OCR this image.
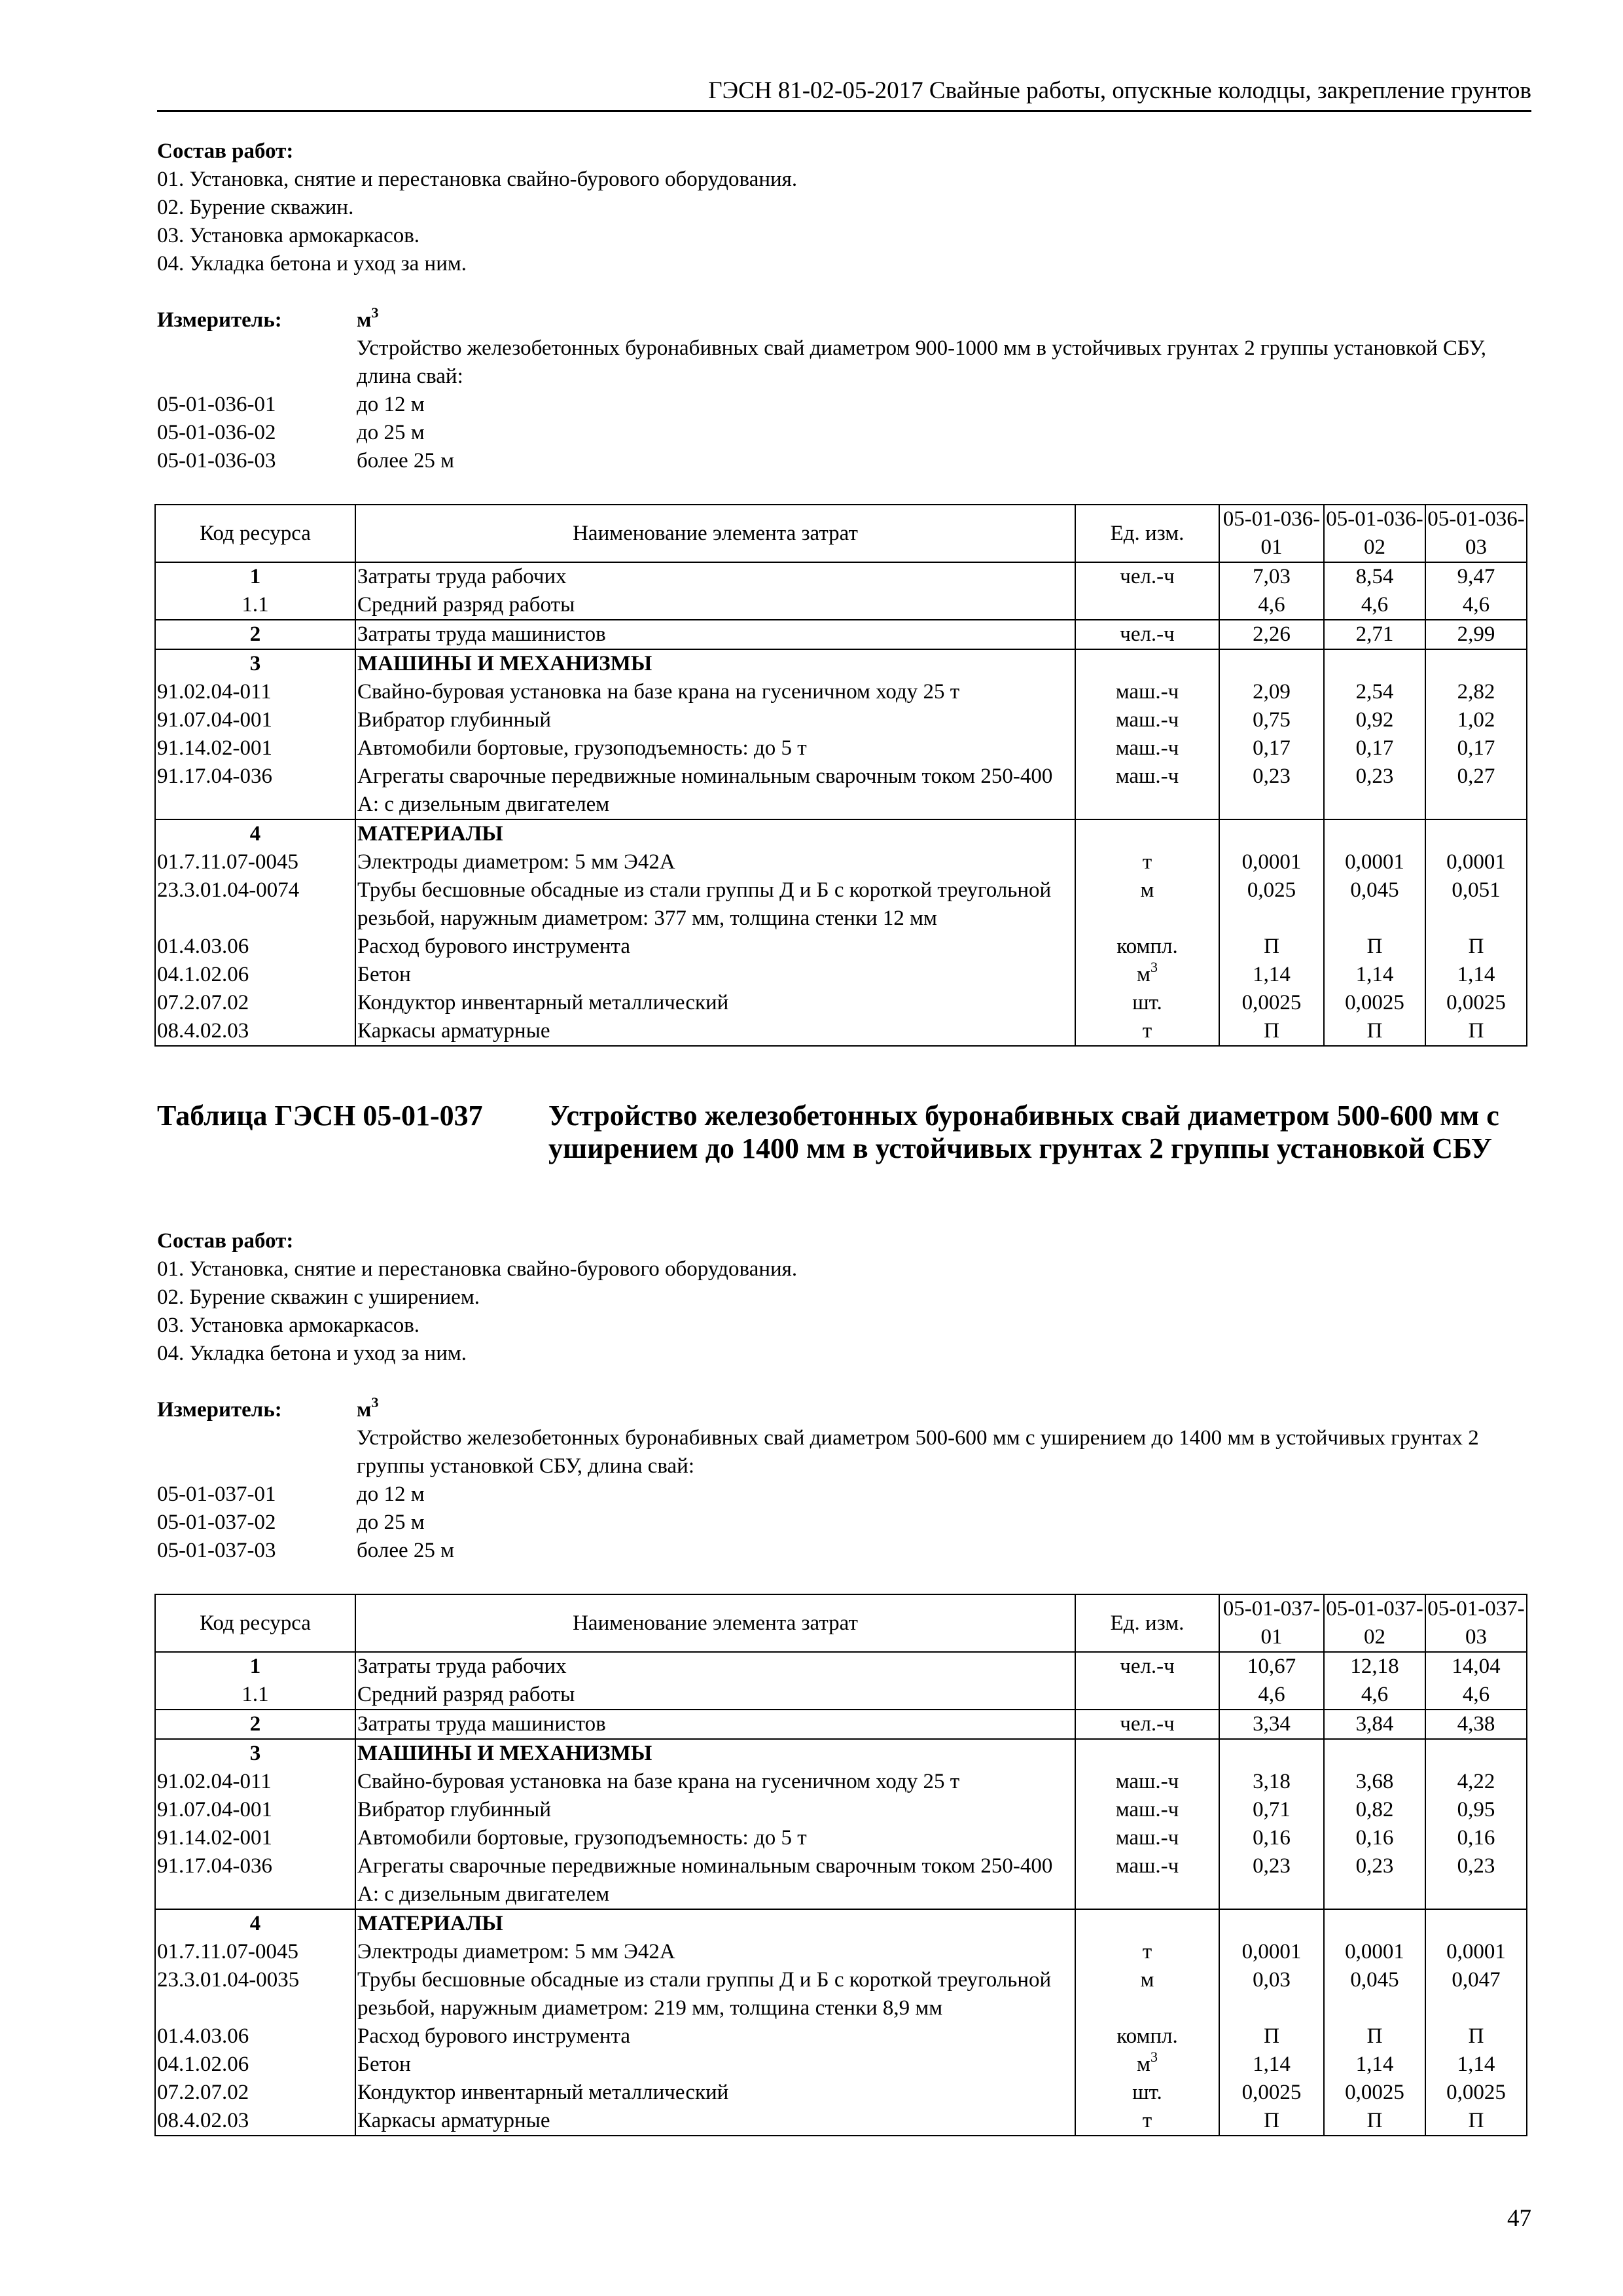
ГЭСН 81-02-05-2017 Свайные работы, опускные колодцы, закрепление грунтов
Состав работ:
01. Установка, снятие и перестановка свайно-бурового оборудования.
02. Бурение скважин.
03. Установка армокаркасов.
04. Укладка бетона и уход за ним.
Измеритель:	$м^3$
Устройство железобетонных буронабивных свай диаметром 900-1000 мм в устойчивых грунтах 2 группы установкой СБУ, длина свай:
05-01-036-01	до 12 м
05-01-036-02	до 25 м
05-01-036-03	более 25 м
Код ресурса	Наименование элемента затрат	Ед. изм.	05-01-036-01	05-01-036-02	05-01-036-03
1	Затраты труда рабочих	чел.-ч	7,03	8,54	9,47
1.1	Средний разряд работы		4,6	4,6	4,6
2	Затраты труда машинистов	чел.-ч	2,26	2,71	2,99
3	МАШИНЫ И МЕХАНИЗМЫ				
91.02.04-011	Свайно-буровая установка на базе крана на гусеничном ходу 25 т	маш.-ч	2,09	2,54	2,82
91.07.04-001	Вибратор глубинный	маш.-ч	0,75	0,92	1,02
91.14.02-001	Автомобили бортовые, грузоподъемность: до 5 т	маш.-ч	0,17	0,17	0,17
91.17.04-036	Агрегаты сварочные передвижные номинальным сварочным током 250-400 А: с дизельным двигателем	маш.-ч	0,23	0,23	0,27
4	МАТЕРИАЛЫ				
01.7.11.07-0045	Электроды диаметром: 5 мм Э42А	т	0,0001	0,0001	0,0001
23.3.01.04-0074	Трубы бесшовные обсадные из стали группы Д и Б с короткой треугольной резьбой, наружным диаметром: 377 мм, толщина стенки 12 мм	м	0,025	0,045	0,051
01.4.03.06	Расход бурового инструмента	компл.	П	П	П
04.1.02.06	Бетон	$м^3$	1,14	1,14	1,14
07.2.07.02	Кондуктор инвентарный металлический	шт.	0,0025	0,0025	0,0025
08.4.02.03	Каркасы арматурные	т	П	П	П
Таблица ГЭСН 05-01-037 Устройство железобетонных буронабивных свай диаметром 500-600 мм с уширением до 1400 мм в устойчивых грунтах 2 группы установкой СБУ
Состав работ:
01. Установка, снятие и перестановка свайно-бурового оборудования.
02. Бурение скважин с уширением.
03. Установка армокаркасов.
04. Укладка бетона и уход за ним.
Измеритель:	$м^3$
Устройство железобетонных буронабивных свай диаметром 500-600 мм с уширением до 1400 мм в устойчивых грунтах 2 группы установкой СБУ, длина свай:
05-01-037-01	до 12 м
05-01-037-02	до 25 м
05-01-037-03	более 25 м
Код ресурса	Наименование элемента затрат	Ед. изм.	05-01-037-01	05-01-037-02	05-01-037-03
1	Затраты труда рабочих	чел.-ч	10,67	12,18	14,04
1.1	Средний разряд работы		4,6	4,6	4,6
2	Затраты труда машинистов	чел.-ч	3,34	3,84	4,38
3	МАШИНЫ И МЕХАНИЗМЫ				
91.02.04-011	Свайно-буровая установка на базе крана на гусеничном ходу 25 т	маш.-ч	3,18	3,68	4,22
91.07.04-001	Вибратор глубинный	маш.-ч	0,71	0,82	0,95
91.14.02-001	Автомобили бортовые, грузоподъемность: до 5 т	маш.-ч	0,16	0,16	0,16
91.17.04-036	Агрегаты сварочные передвижные номинальным сварочным током 250-400 А: с дизельным двигателем	маш.-ч	0,23	0,23	0,23
4	МАТЕРИАЛЫ				
01.7.11.07-0045	Электроды диаметром: 5 мм Э42А	т	0,0001	0,0001	0,0001
23.3.01.04-0035	Трубы бесшовные обсадные из стали группы Д и Б с короткой треугольной резьбой, наружным диаметром: 219 мм, толщина стенки 8,9 мм	м	0,03	0,045	0,047
01.4.03.06	Расход бурового инструмента	компл.	П	П	П
04.1.02.06	Бетон	$м^3$	1,14	1,14	1,14
07.2.07.02	Кондуктор инвентарный металлический	шт.	0,0025	0,0025	0,0025
08.4.02.03	Каркасы арматурные	т	П	П	П
47
